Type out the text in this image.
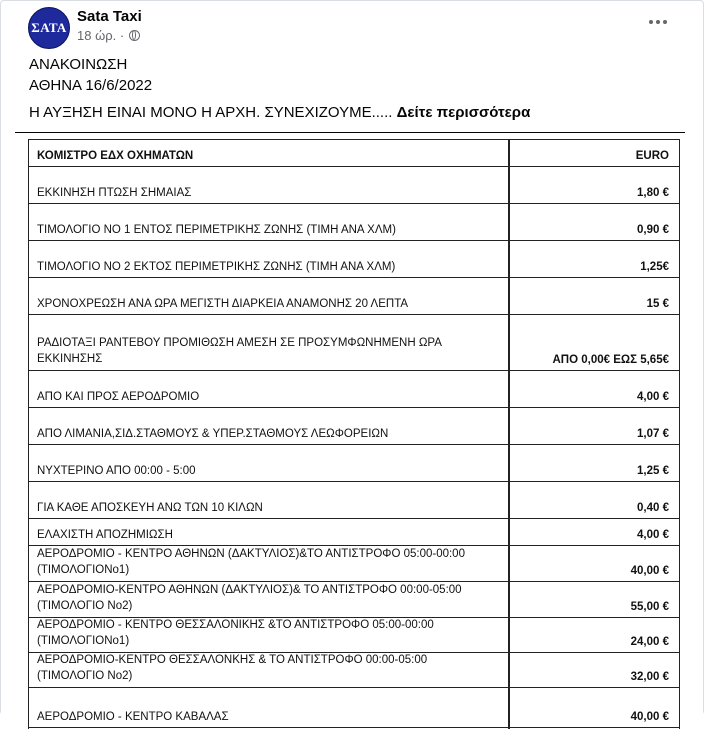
ΣΑΤΑ
Sata Taxi
18 ώρ. ·
ΑΝΑΚΟΙΝΩΣΗ
ΑΘΗΝΑ 16/6/2022
Η ΑΥΞΗΣΗ ΕΙΝΑΙ ΜΟΝΟ Η ΑΡΧΗ. ΣΥΝΕΧΙΖΟΥΜΕ..... Δείτε περισσότερα
ΚΟΜΙΣΤΡΟ ΕΔΧ ΟΧΗΜΑΤΩΝ	EURO
ΕΚΚΙΝΗΣΗ ΠΤΩΣΗ ΣΗΜΑΙΑΣ	1,80 €
ΤΙΜΟΛΟΓΙΟ ΝΟ 1 ΕΝΤΟΣ ΠΕΡΙΜΕΤΡΙΚΗΣ ΖΩΝΗΣ (ΤΙΜΗ ΑΝΑ ΧΛΜ)	0,90 €
ΤΙΜΟΛΟΓΙΟ ΝΟ 2 ΕΚΤΟΣ ΠΕΡΙΜΕΤΡΙΚΗΣ ΖΩΝΗΣ (ΤΙΜΗ ΑΝΑ ΧΛΜ)	1,25€
ΧΡΟΝΟΧΡΕΩΣΗ ΑΝΑ ΩΡΑ ΜΕΓΙΣΤΗ ΔΙΑΡΚΕΙΑ ΑΝΑΜΟΝΗΣ 20 ΛΕΠΤΑ	15 €
ΡΑΔΙΟΤΑΞΙ ΡΑΝΤΕΒΟΥ ΠΡΟΜΙΘΩΣΗ ΑΜΕΣΗ ΣΕ ΠΡΟΣΥΜΦΩΝΗΜΕΝΗ ΩΡΑ
ΕΚΚΙΝΗΣΗΣ	ΑΠΟ 0,00€ ΕΩΣ 5,65€
ΑΠΟ ΚΑΙ ΠΡΟΣ ΑΕΡΟΔΡΟΜΙΟ	4,00 €
ΑΠΟ ΛΙΜΑΝΙΑ,ΣΙΔ.ΣΤΑΘΜΟΥΣ & ΥΠΕΡ.ΣΤΑΘΜΟΥΣ ΛΕΩΦΟΡΕΙΩΝ	1,07 €
ΝΥΧΤΕΡΙΝΟ ΑΠΟ 00:00 - 5:00	1,25 €
ΓΙΑ ΚΑΘΕ ΑΠΟΣΚΕΥΗ ΑΝΩ ΤΩΝ 10 ΚΙΛΩΝ	0,40 €
ΕΛΑΧΙΣΤΗ ΑΠΟΖΗΜΙΩΣΗ	4,00 €
ΑΕΡΟΔΡΟΜΙΟ - ΚΕΝΤΡΟ ΑΘΗΝΩΝ (ΔΑΚΤΥΛΙΟΣ)&ΤΟ ΑΝΤΙΣΤΡΟΦΟ 05:00-00:00
(ΤΙΜΟΛΟΓΙΟΝο1)	40,00 €
ΑΕΡΟΔΡΟΜΙΟ-ΚΕΝΤΡΟ ΑΘΗΝΩΝ (ΔΑΚΤΥΛΙΟΣ)& ΤΟ ΑΝΤΙΣΤΡΟΦΟ 00:00-05:00
(ΤΙΜΟΛΟΓΙΟ Νο2)	55,00 €
ΑΕΡΟΔΡΟΜΙΟ - ΚΕΝΤΡΟ ΘΕΣΣΑΛΟΝΙΚΗΣ &ΤΟ ΑΝΤΙΣΤΡΟΦΟ 05:00-00:00
(ΤΙΜΟΛΟΓΙΟΝο1)	24,00 €
ΑΕΡΟΔΡΟΜΙΟ-ΚΕΝΤΡΟ ΘΕΣΣΑΛΟΝΚΗΣ & ΤΟ ΑΝΤΙΣΤΡΟΦΟ 00:00-05:00
(ΤΙΜΟΛΟΓΙΟ Νο2)	32,00 €
ΑΕΡΟΔΡΟΜΙΟ - ΚΕΝΤΡΟ ΚΑΒΑΛΑΣ	40,00 €
